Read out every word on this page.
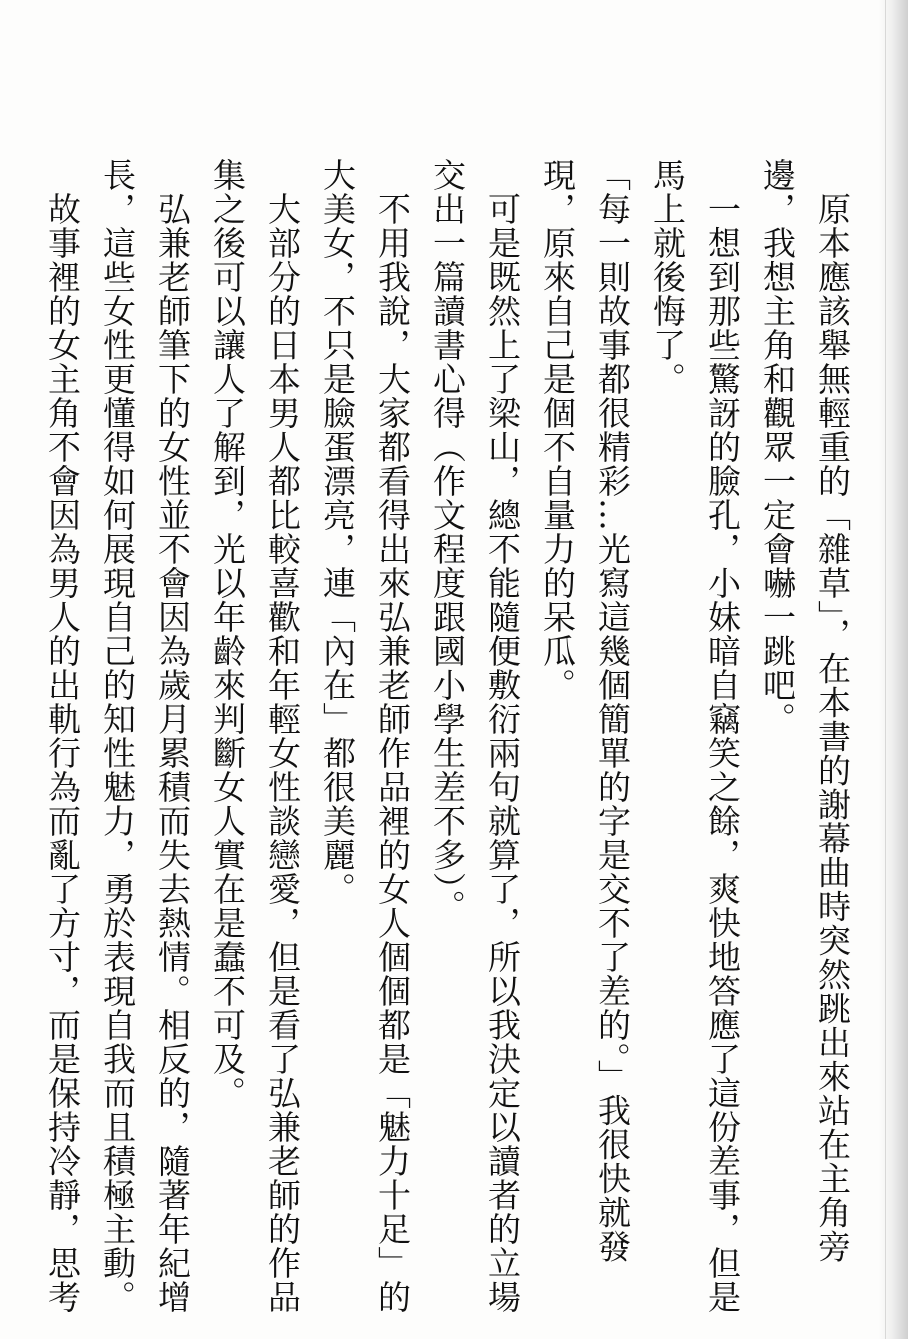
　原本應該舉無輕重的「雜草」，在本書的謝幕曲時突然跳出來站在主角旁
邊，我想主角和觀眾一定會嚇一跳吧。
　一想到那些驚訝的臉孔，小妹暗自竊笑之餘，爽快地答應了這份差事，但是
馬上就後悔了。
「每一則故事都很精彩…光寫這幾個簡單的字是交不了差的。」我很快就發
現，原來自己是個不自量力的呆瓜。
　可是既然上了梁山，總不能隨便敷衍兩句就算了，所以我決定以讀者的立場
交出一篇讀書心得（作文程度跟國小學生差不多）。
　不用我說，大家都看得出來弘兼老師作品裡的女人個個都是「魅力十足」的
大美女，不只是臉蛋漂亮，連「內在」都很美麗。
　大部分的日本男人都比較喜歡和年輕女性談戀愛，但是看了弘兼老師的作品
集之後可以讓人了解到，光以年齡來判斷女人實在是蠢不可及。
　弘兼老師筆下的女性並不會因為歲月累積而失去熱情。相反的，隨著年紀增
長，這些女性更懂得如何展現自己的知性魅力，勇於表現自我而且積極主動。
　故事裡的女主角不會因為男人的出軌行為而亂了方寸，而是保持冷靜，思考
